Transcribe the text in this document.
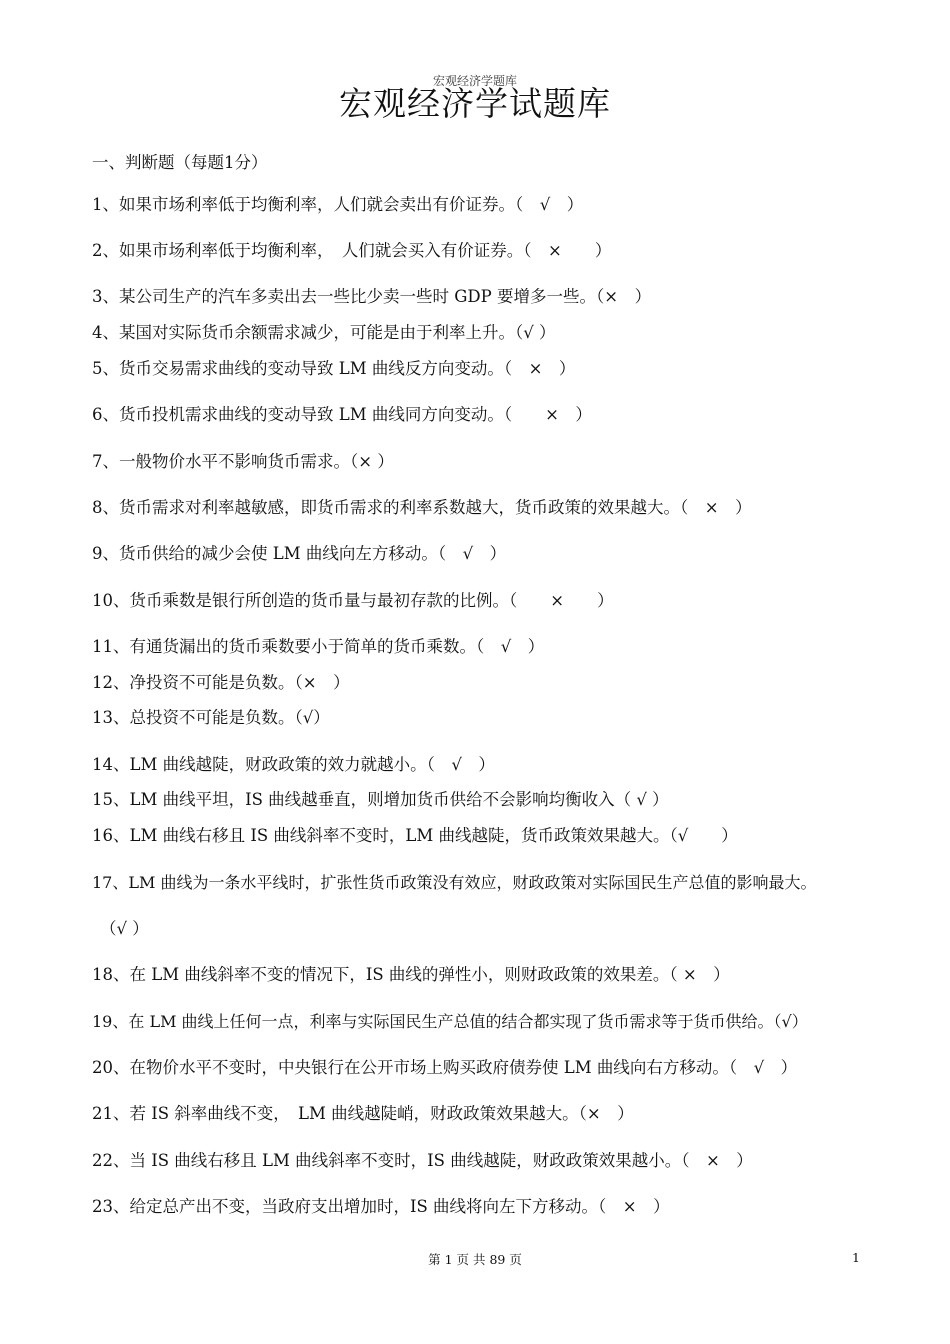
宏观经济学题库
宏观经济学试题库
一、判断题（每题1分）
1、如果市场利率低于均衡利率，人们就会卖出有价证券。（　√　）
2、如果市场利率低于均衡利率，　人们就会买入有价证券。（　×　　）
3、某公司生产的汽车多卖出去一些比少卖一些时 GDP 要增多一些。（×　）
4、某国对实际货币余额需求减少，可能是由于利率上升。（√ ）
5、货币交易需求曲线的变动导致 LM 曲线反方向变动。（　×　）
6、货币投机需求曲线的变动导致 LM 曲线同方向变动。（　　×　）
7、一般物价水平不影响货币需求。（× ）
8、货币需求对利率越敏感，即货币需求的利率系数越大，货币政策的效果越大。（　×　）
9、货币供给的减少会使 LM 曲线向左方移动。（　√　）
10、货币乘数是银行所创造的货币量与最初存款的比例。（　　×　　）
11、有通货漏出的货币乘数要小于简单的货币乘数。（　√　）
12、净投资不可能是负数。（×　）
13、总投资不可能是负数。（√）
14、LM 曲线越陡，财政政策的效力就越小。（　√　）
15、LM 曲线平坦，IS 曲线越垂直，则增加货币供给不会影响均衡收入（ √ ）
16、LM 曲线右移且 IS 曲线斜率不变时，LM 曲线越陡，货币政策效果越大。（√　　）
17、LM 曲线为一条水平线时，扩张性货币政策没有效应，财政政策对实际国民生产总值的影响最大。
（√ ）
18、在 LM 曲线斜率不变的情况下，IS 曲线的弹性小，则财政政策的效果差。（ ×　）
19、在 LM 曲线上任何一点，利率与实际国民生产总值的结合都实现了货币需求等于货币供给。（√）
20、在物价水平不变时，中央银行在公开市场上购买政府债券使 LM 曲线向右方移动。（　√　）
21、若 IS 斜率曲线不变，　LM 曲线越陡峭，财政政策效果越大。（×　）
22、当 IS 曲线右移且 LM 曲线斜率不变时，IS 曲线越陡，财政政策效果越小。（　×　）
23、给定总产出不变，当政府支出增加时，IS 曲线将向左下方移动。（　×　）
第 1 页 共 89 页	1
